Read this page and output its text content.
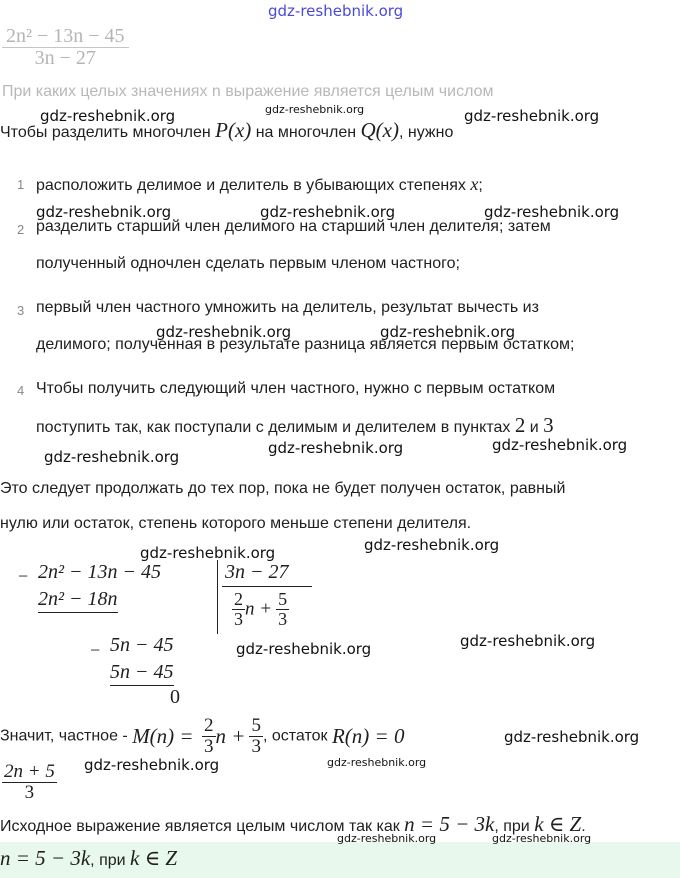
gdz-reshebnik.org
$\frac{\text{2n² − 13n − 45}}{3n - 27}$
При каких целых значениях n выражение является целым числом
Чтобы разделить многочлен P(x) на многочлен Q(x), нужно
1 расположить делимое и делитель в убывающих степенях x;
2 разделить старший член делимого на старший член делителя; затем
полученный одночлен сделать первым членом частного;
3 первый член частного умножить на делитель, результат вычесть из
делимого; полученная в результате разница является первым остатком;
4 Чтобы получить следующий член частного, нужно с первым остатком
поступить так, как поступали с делимым и делителем в пунктах 2 и 3
Это следует продолжать до тех пор, пока не будет получен остаток, равный
нулю или остаток, степень которого меньше степени делителя.
− 2n² − 13n − 45
2n² − 18n
3n − 27
$\frac{2}{3}$ $n + \frac{5}{3}$
− 5n − 45
5n − 45
0
Значит, частное - $M(n) = \frac{2}{3}$ $n + \frac{5}{3}$ , остаток R(n) = 0
$\frac{2n + 5}{3}$
Исходное выражение является целым числом так как n = 5 − 3k, при k ∈ Z.
n = 5 − 3k, при k ∈ Z
gdz-reshebnik.org	gdz-reshebnik.org	gdz-reshebnik.org
gdz-reshebnik.org	gdz-reshebnik.org	gdz-reshebnik.org
gdz-reshebnik.org	gdz-reshebnik.org
gdz-reshebnik.org	gdz-reshebnik.org
gdz-reshebnik.org
gdz-reshebnik.org	gdz-reshebnik.org
gdz-reshebnik.org
gdz-reshebnik.org
gdz-reshebnik.org
gdz-reshebnik.org	gdz-reshebnik.org
gdz-reshebnik.org	gdz-reshebnik.org
